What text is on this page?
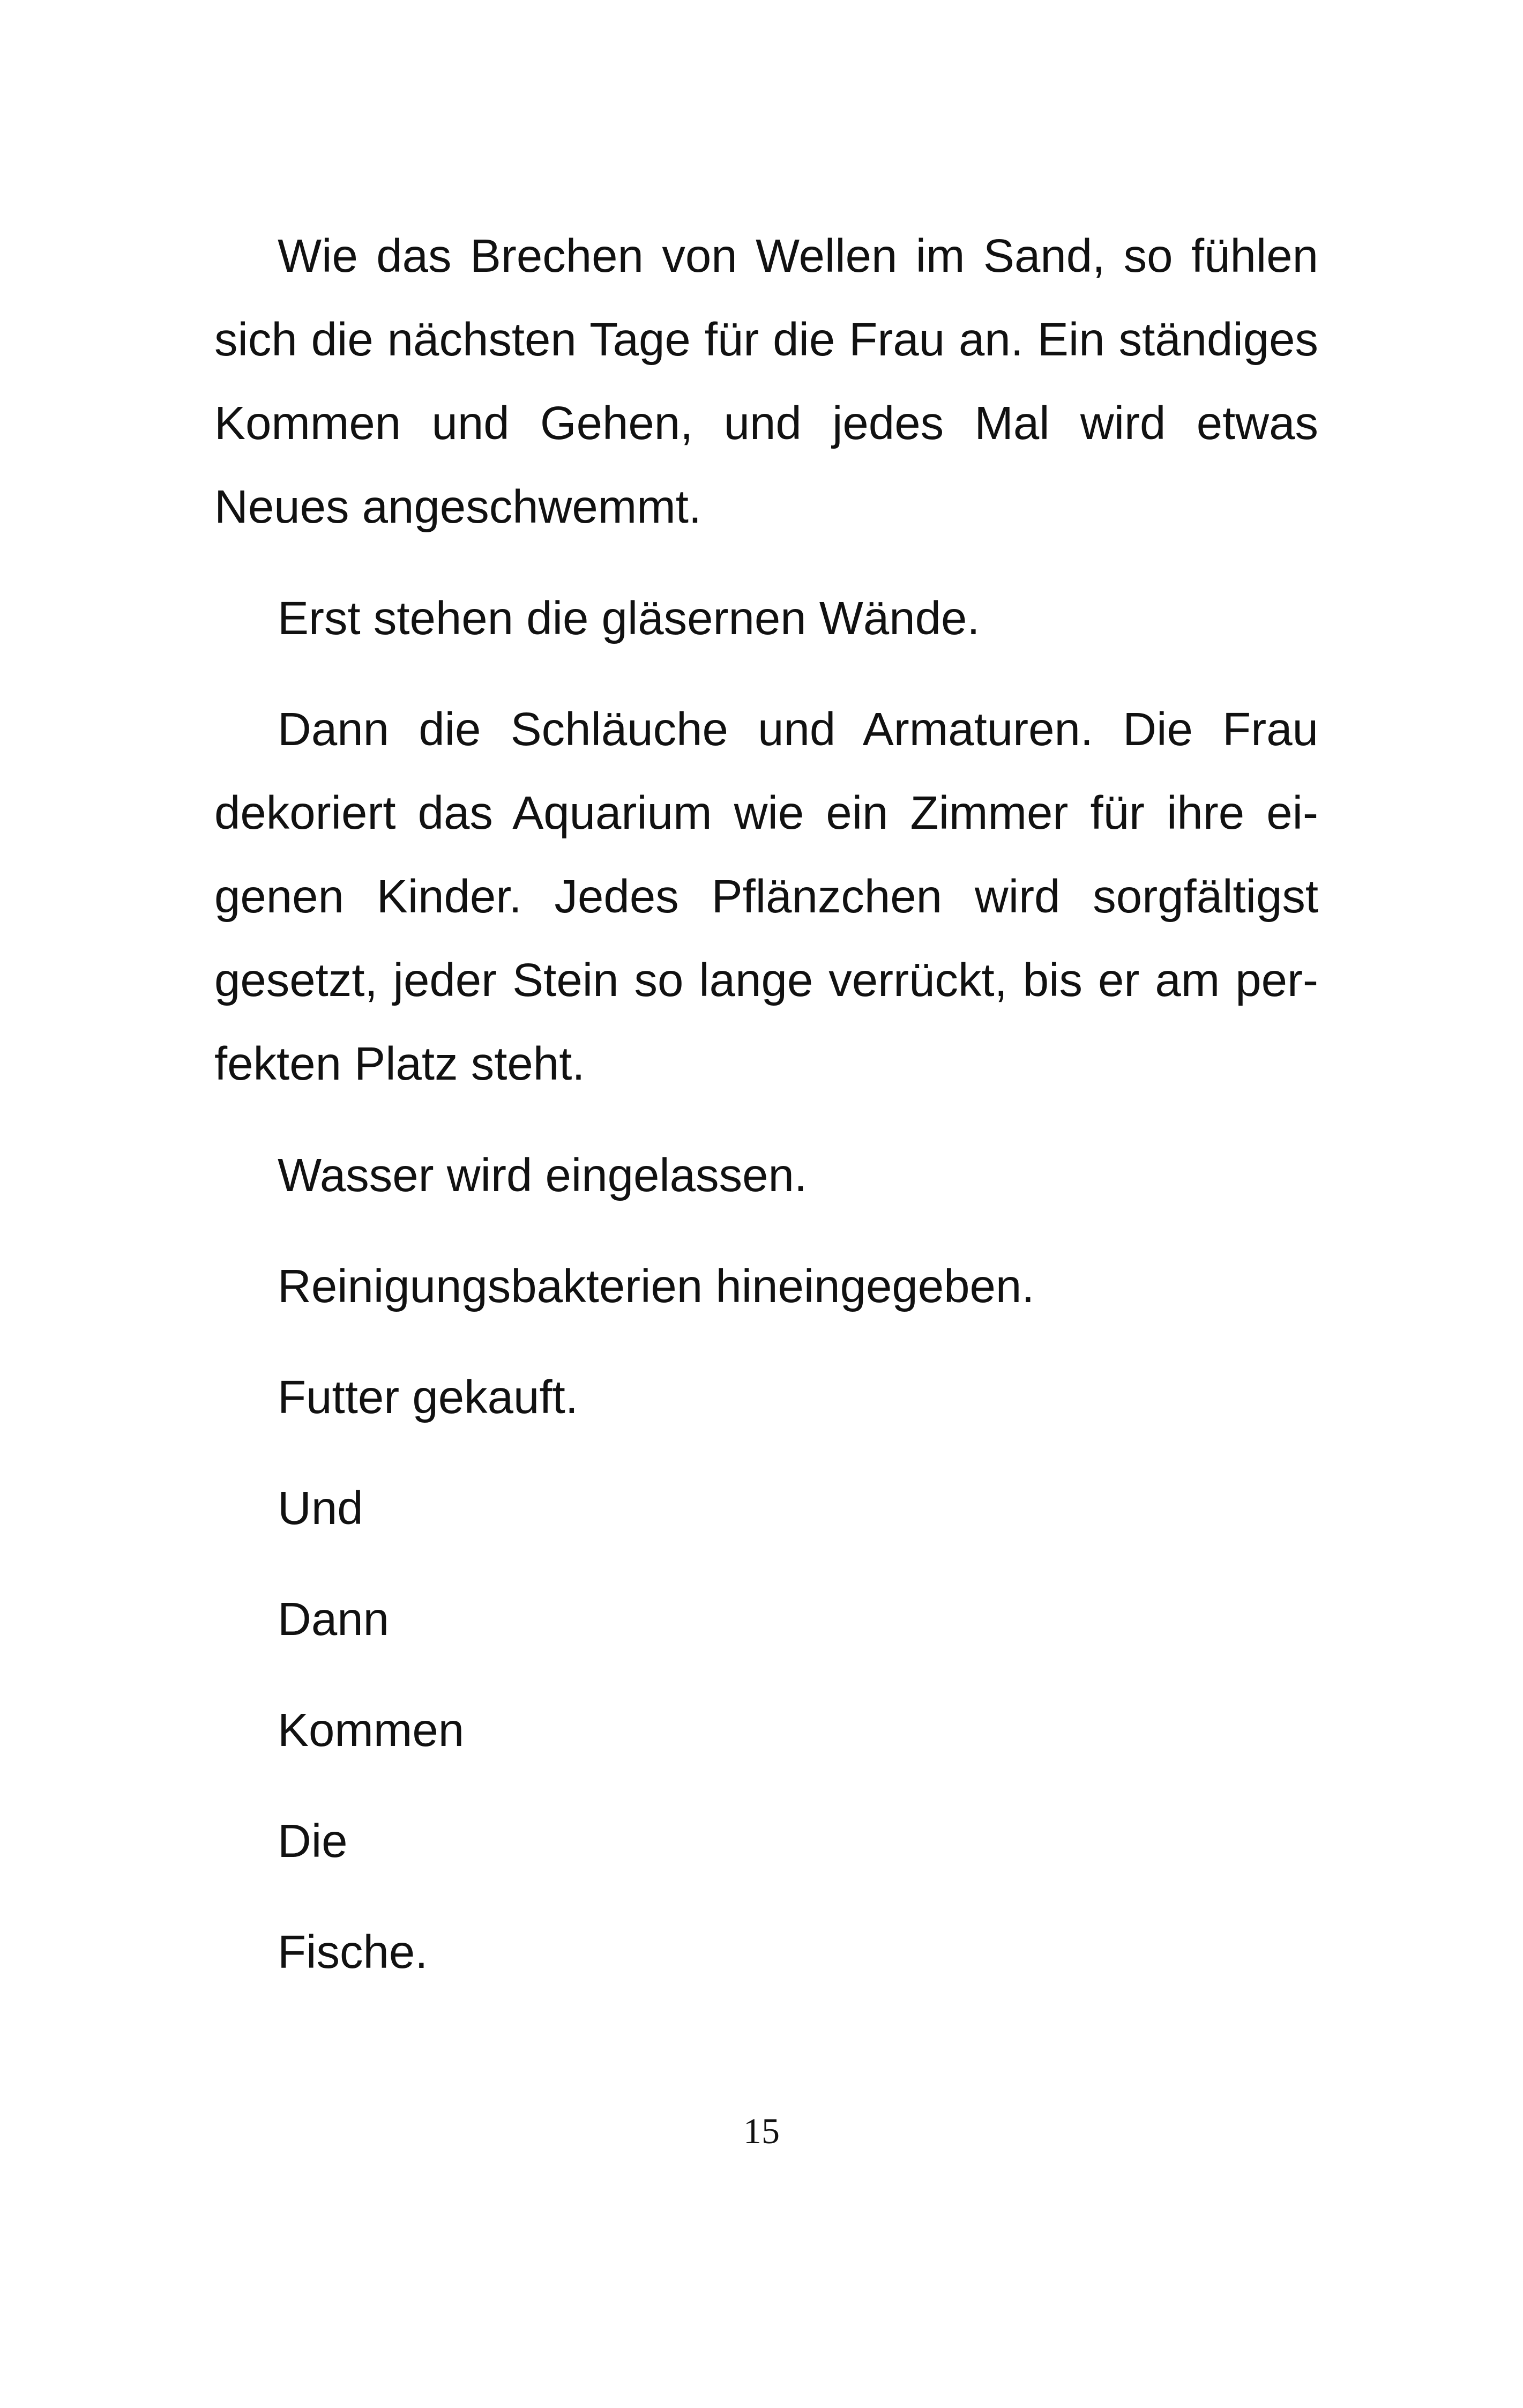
Wie das Brechen von Wellen im Sand, so fühlen sich die nächsten Tage für die Frau an. Ein ständiges Kommen und Gehen, und jedes Mal wird etwas Neues angeschwemmt.

Erst stehen die gläsernen Wände.

Dann die Schläuche und Armaturen. Die Frau dekoriert das Aquarium wie ein Zimmer für ihre eigenen Kinder. Jedes Pflänzchen wird sorgfältigst gesetzt, jeder Stein so lange verrückt, bis er am perfekten Platz steht.

Wasser wird eingelassen.

Reinigungsbakterien hineingegeben.

Futter gekauft.

Und

Dann

Kommen

Die

Fische.

15
